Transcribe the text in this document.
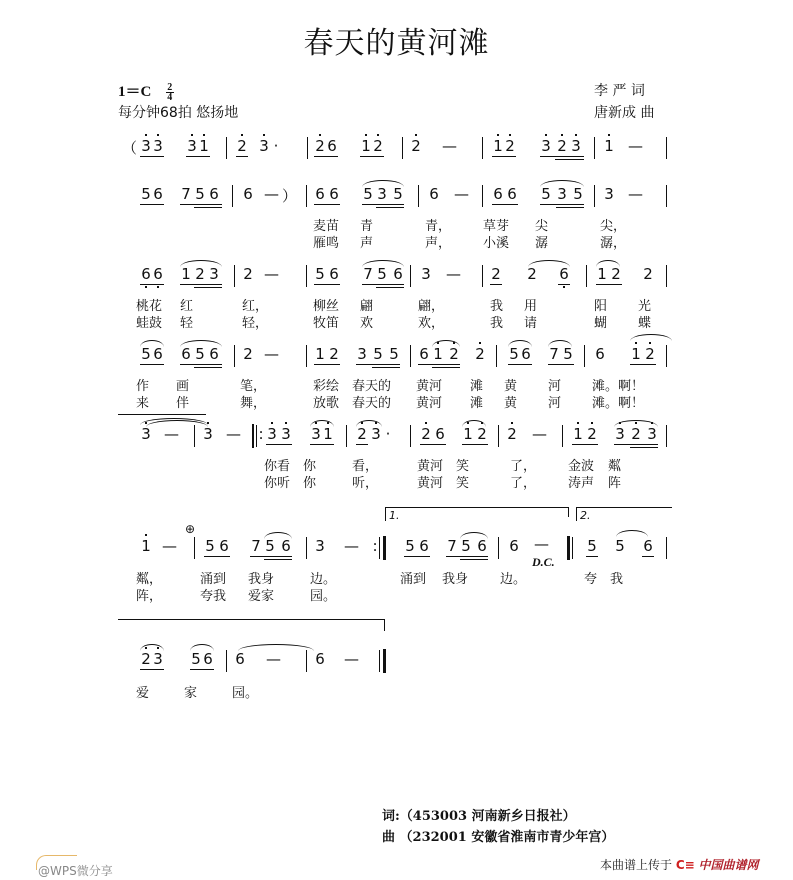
春天的黄河滩
$1=C \frac{2}{4}$
每分钟68拍 悠扬地
李 严 词
唐新成 曲
（ 3 3 3 1 2 3 · 2 6 1 2 2 — 1 2 3 2 3 1 —
5 6 7 5 6 6 — ） 6 6 5 3 5 6 — 6 6 5 3 5 3 —
麦苗 青	青， 草芽 尖	尖，
雁鸣 声	声， 小溪 潺	潺，
6 6 1 2 3 2 — 5 6 7 5 6 3 — 2 2 6 1 2 2
桃花 红	红，	柳丝 翩	翩，	我 用	阳 光
蛙鼓 轻	轻，	牧笛 欢	欢，	我 请	蝴 蝶
5 6 6 5 6 2 — 1 2 3 5 5 6 1 2 2 5 6 7 5 6 1 2
作 画	笔，	彩绘 春天的 黄河 滩 黄 河 滩。啊！
来 伴	舞，	放歌 春天的 黄河 滩 黄 河 滩。啊！
3 — 3 — : 3 3 3 1 2 3 · 2 6 1 2 2 — 1 2 3 2 3
你看 你	看，	黄河 笑	了， 金波 粼
你听 你	听，	黄河 笑	了， 涛声 阵
1.	2.
⊕
1 — 5 6 7 5 6 3 — : 5 6 7 5 6 6 —
D.C.
5 5 6
粼，	涌到 我身	边。	涌到 我身 边。	夸 我
阵，	夸我 爱家	园。
2 3 5 6 6 — 6 —
爱	家	园。
词:（453003 河南新乡日报社）
曲 （232001 安徽省淮南市青少年宫）
@WPS微分享	本曲谱上传于 C≡ 中国曲谱网
